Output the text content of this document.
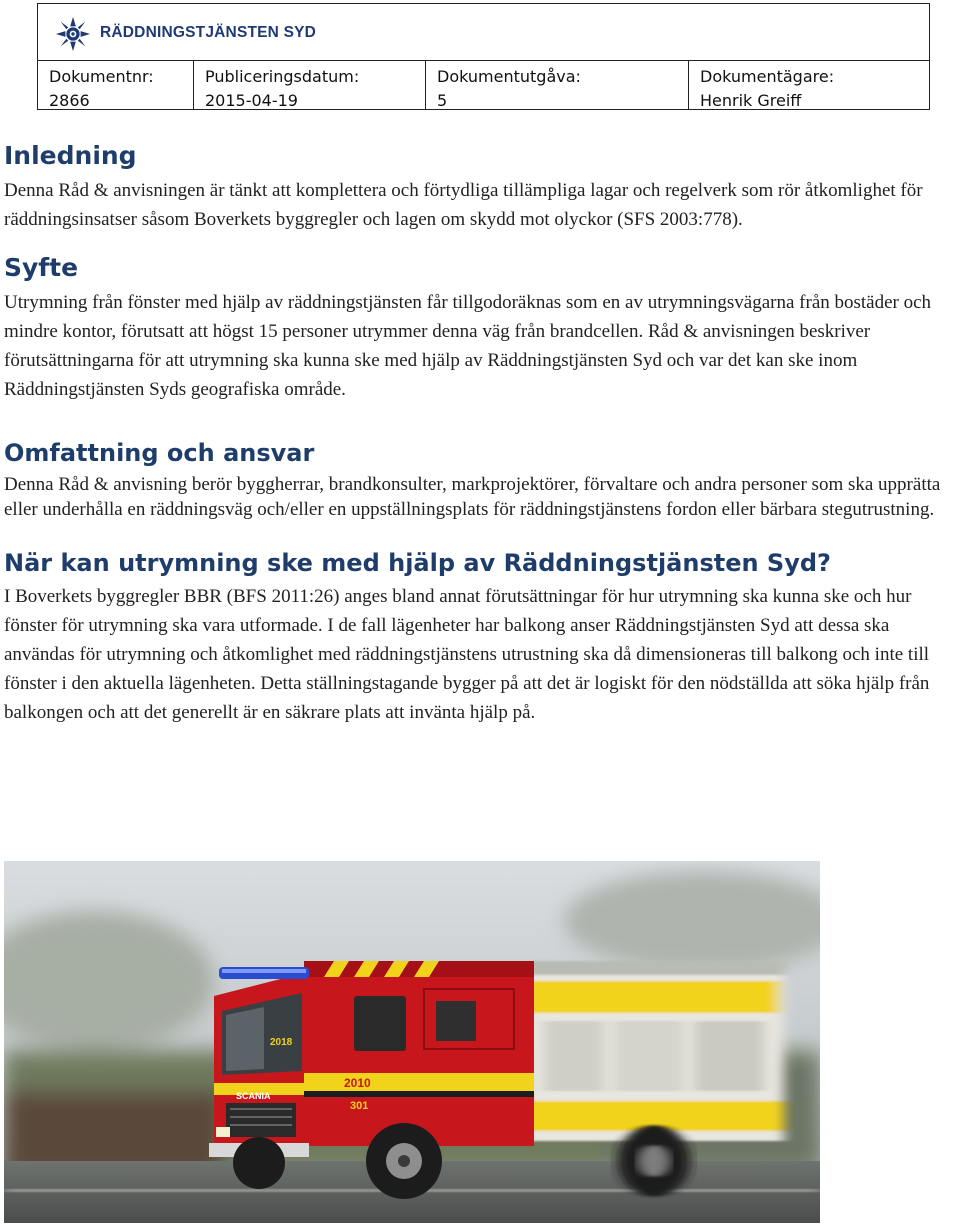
RÄDDNINGSTJÄNSTEN SYD
Dokumentnr:
2866
Publiceringsdatum:
2015-04-19
Dokumentutgåva:
5
Dokumentägare:
Henrik Greiff
Inledning

Denna Råd & anvisningen är tänkt att komplettera och förtydliga tillämpliga lagar och regelverk som rör åtkomlighet för räddningsinsatser såsom Boverkets byggregler och lagen om skydd mot olyckor (SFS 2003:778).

Syfte

Utrymning från fönster med hjälp av räddningstjänsten får tillgodoräknas som en av utrymningsvägarna från bostäder och mindre kontor, förutsatt att högst 15 personer utrymmer denna väg från brandcellen. Råd & anvisningen beskriver förutsättningarna för att utrymning ska kunna ske med hjälp av Räddningstjänsten Syd och var det kan ske inom Räddningstjänsten Syds geografiska område.

Omfattning och ansvar

Denna Råd & anvisning berör byggherrar, brandkonsulter, markprojektörer, förvaltare och andra personer som ska upprätta eller underhålla en räddningsväg och/eller en uppställningsplats för räddningstjänstens fordon eller bärbara stegutrustning.

När kan utrymning ske med hjälp av Räddningstjänsten Syd?

I Boverkets byggregler BBR (BFS 2011:26) anges bland annat förutsättningar för hur utrymning ska kunna ske och hur fönster för utrymning ska vara utformade. I de fall lägenheter har balkong anser Räddningstjänsten Syd att dessa ska användas för utrymning och åtkomlighet med räddningstjänstens utrustning ska då dimensioneras till balkong och inte till fönster i den aktuella lägenheten. Detta ställningstagande bygger på att det är logiskt för den nödställda att söka hjälp från balkongen och att det generellt är en säkrare plats att invänta hjälp på.

2010
SCANIA
2018
301
